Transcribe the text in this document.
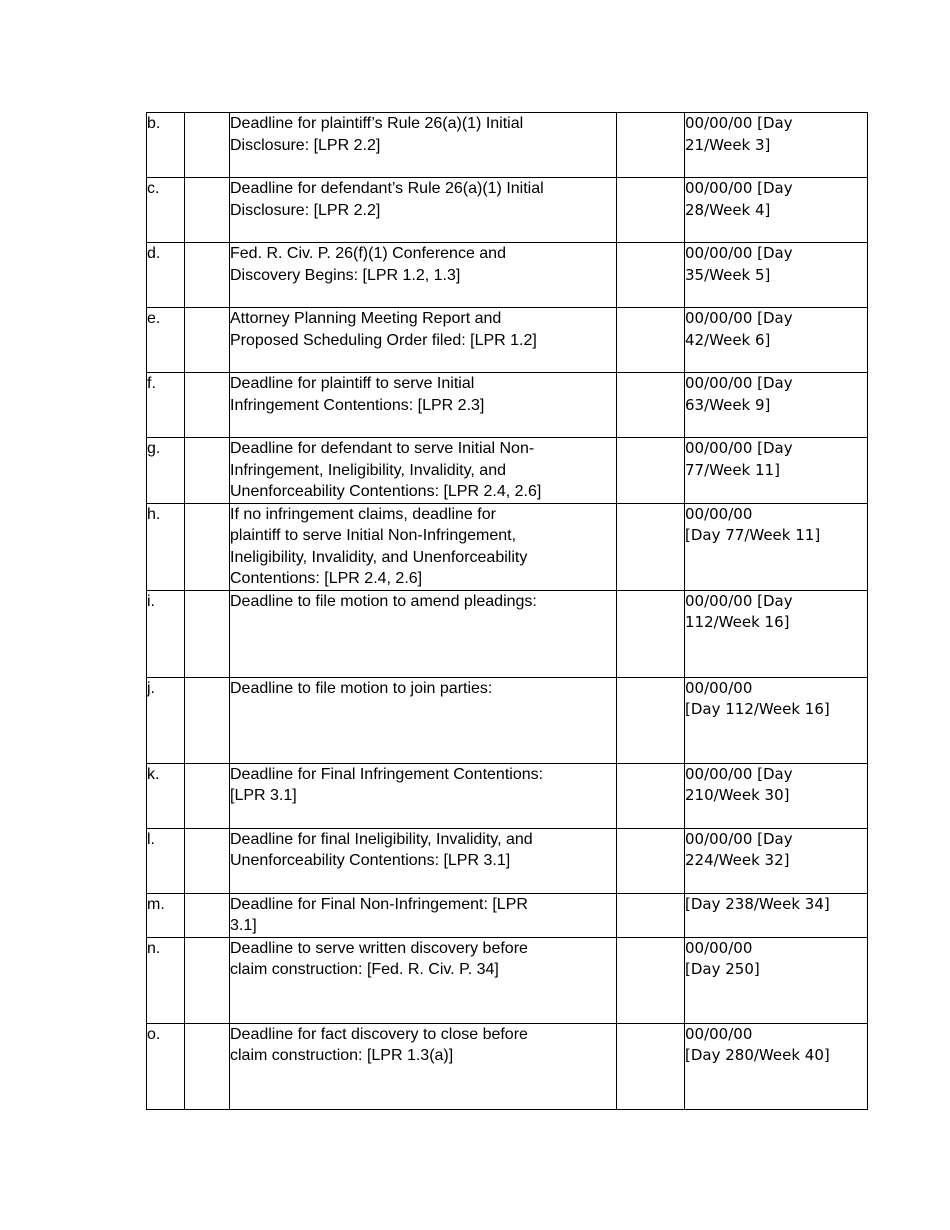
b.		Deadline for plaintiff’s Rule 26(a)(1) Initial
Disclosure: [LPR 2.2]		00/00/00 [Day
21/Week 3]
c.		Deadline for defendant’s Rule 26(a)(1) Initial
Disclosure: [LPR 2.2]		00/00/00 [Day
28/Week 4]
d.		Fed. R. Civ. P. 26(f)(1) Conference and
Discovery Begins: [LPR 1.2, 1.3]		00/00/00 [Day
35/Week 5]
e.		Attorney Planning Meeting Report and
Proposed Scheduling Order filed: [LPR 1.2]		00/00/00 [Day
42/Week 6]
f.		Deadline for plaintiff to serve Initial
Infringement Contentions: [LPR 2.3]		00/00/00 [Day
63/Week 9]
g.		Deadline for defendant to serve Initial Non-
Infringement, Ineligibility, Invalidity, and
Unenforceability Contentions: [LPR 2.4, 2.6]		00/00/00 [Day
77/Week 11]
h.		If no infringement claims, deadline for
plaintiff to serve Initial Non-Infringement,
Ineligibility, Invalidity, and Unenforceability
Contentions: [LPR 2.4, 2.6]		00/00/00
[Day 77/Week 11]
i.		Deadline to file motion to amend pleadings:		00/00/00 [Day
112/Week 16]
j.		Deadline to file motion to join parties:		00/00/00
[Day 112/Week 16]
k.		Deadline for Final Infringement Contentions:
[LPR 3.1]		00/00/00 [Day
210/Week 30]
l.		Deadline for final Ineligibility, Invalidity, and
Unenforceability Contentions: [LPR 3.1]		00/00/00 [Day
224/Week 32]
m.		Deadline for Final Non-Infringement: [LPR
3.1]		[Day 238/Week 34]
n.		Deadline to serve written discovery before
claim construction: [Fed. R. Civ. P. 34]		00/00/00
[Day 250]
o.		Deadline for fact discovery to close before
claim construction: [LPR 1.3(a)]		00/00/00
[Day 280/Week 40]
